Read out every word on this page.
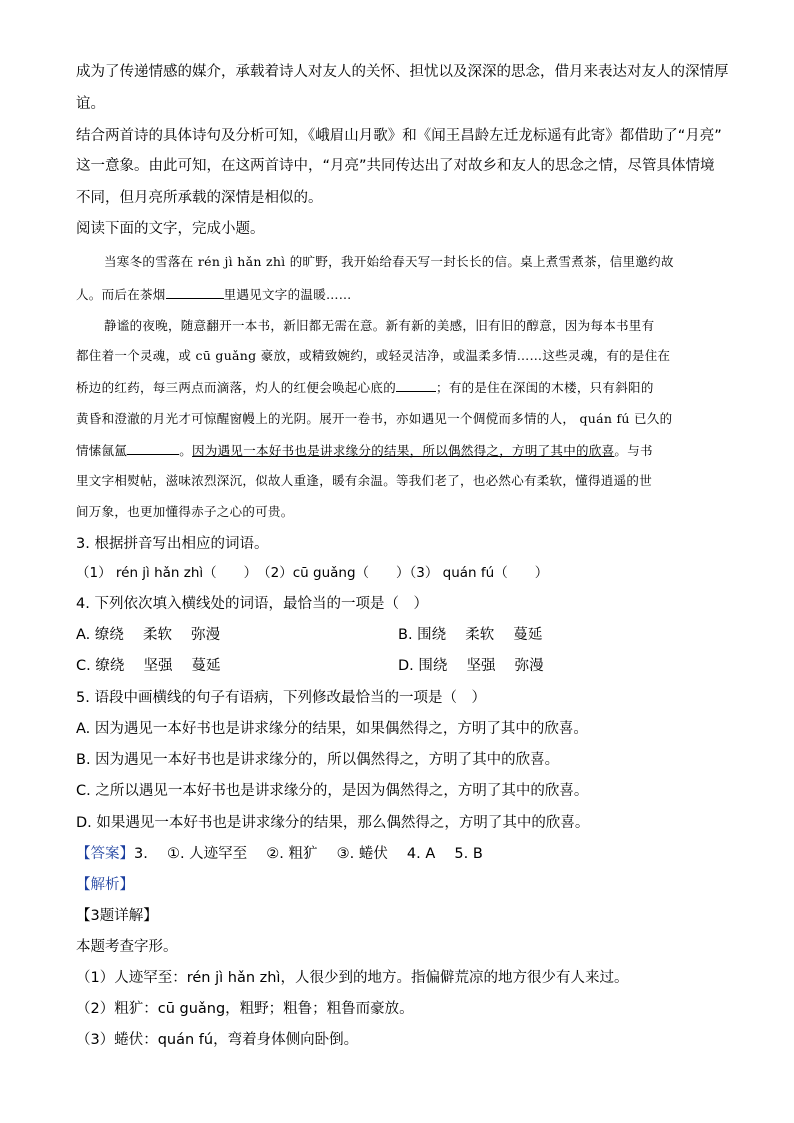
成为了传递情感的媒介，承载着诗人对友人的关怀、担忧以及深深的思念，借月来表达对友人的深情厚
谊。
结合两首诗的具体诗句及分析可知，《峨眉山月歌》和《闻王昌龄左迁龙标遥有此寄》都借助了“月亮”
这一意象。由此可知，在这两首诗中，“月亮”共同传达出了对故乡和友人的思念之情，尽管具体情境
不同，但月亮所承载的深情是相似的。
阅读下面的文字，完成小题。
当寒冬的雪落在 rén jì hǎn zhì 的旷野，我开始给春天写一封长长的信。桌上煮雪煮茶，信里邀约故
人。而后在茶烟	里遇见文字的温暖……
静谧的夜晚，随意翻开一本书，新旧都无需在意。新有新的美感，旧有旧的醇意，因为每本书里有
都住着一个灵魂，或 cū guǎng 豪放，或精致婉约，或轻灵洁净，或温柔多情……这些灵魂，有的是住在
桥边的红药，每三两点而滴落，灼人的红便会唤起心底的	；有的是住在深闺的木楼，只有斜阳的
黄昏和澄澈的月光才可惊醒窗幔上的光阴。展开一卷书，亦如遇见一个倜傥而多情的人， quán fú 已久的
情愫氤氲	。因为遇见一本好书也是讲求缘分的结果，所以偶然得之，方明了其中的欣喜。与书
里文字相熨帖，滋味浓烈深沉，似故人重逢，暖有余温。等我们老了，也必然心有柔软，懂得逍遥的世
间万象，也更加懂得赤子之心的可贵。
3. 根据拼音写出相应的词语。
（1） rén jì hǎn zhì（　　）　（2）cū guǎng（　　）（3） quán fú（　　）
4. 下列依次填入横线处的词语，最恰当的一项是（　）
A. 缭绕　 柔软　 弥漫	B. 围绕　 柔软　 蔓延
C. 缭绕　 坚强　 蔓延	D. 围绕　 坚强　 弥漫
5. 语段中画横线的句子有语病，下列修改最恰当的一项是（　）
A. 因为遇见一本好书也是讲求缘分的结果，如果偶然得之，方明了其中的欣喜。
B. 因为遇见一本好书也是讲求缘分的，所以偶然得之，方明了其中的欣喜。
C. 之所以遇见一本好书也是讲求缘分的，是因为偶然得之，方明了其中的欣喜。
D. 如果遇见一本好书也是讲求缘分的结果，那么偶然得之，方明了其中的欣喜。
【答案】3.　 ①. 人迹罕至　 ②. 粗犷　 ③. 蜷伏　 4. A　 5. B
【解析】
【3题详解】
本题考查字形。
（1）人迹罕至：rén jì hǎn zhì，人很少到的地方。指偏僻荒凉的地方很少有人来过。
（2）粗犷：cū guǎng，粗野；粗鲁；粗鲁而豪放。
（3）蜷伏：quán fú，弯着身体侧向卧倒。
